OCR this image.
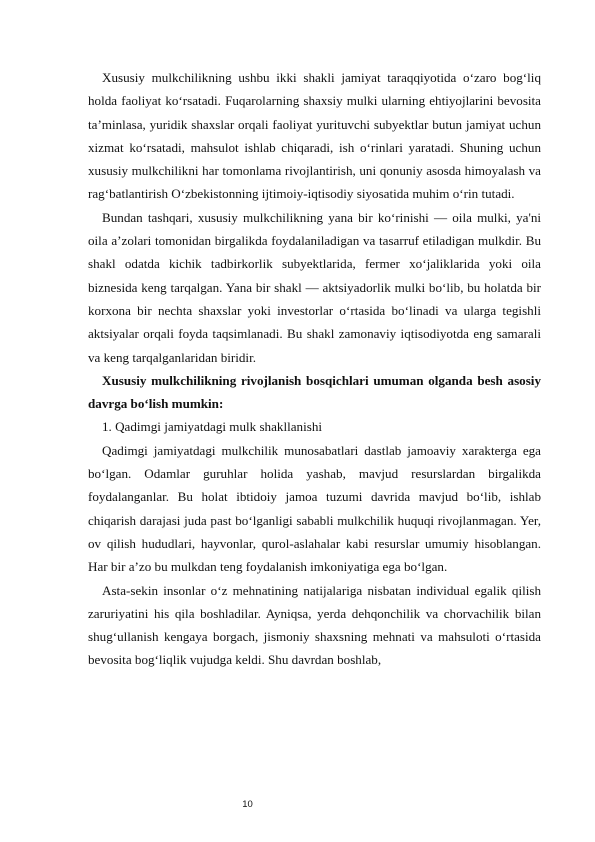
Xususiy mulkchilikning ushbu ikki shakli jamiyat taraqqiyotida o‘zaro bog‘liq holda faoliyat ko‘rsatadi. Fuqarolarning shaxsiy mulki ularning ehtiyojlarini bevosita ta’minlasa, yuridik shaxslar orqali faoliyat yurituvchi subyektlar butun jamiyat uchun xizmat ko‘rsatadi, mahsulot ishlab chiqaradi, ish o‘rinlari yaratadi. Shuning uchun xususiy mulkchilikni har tomonlama rivojlantirish, uni qonuniy asosda himoyalash va rag‘batlantirish O‘zbekistonning ijtimoiy-iqtisodiy siyosatida muhim o‘rin tutadi.

Bundan tashqari, xususiy mulkchilikning yana bir ko‘rinishi — oila mulki, ya'ni oila a’zolari tomonidan birgalikda foydalaniladigan va tasarruf etiladigan mulkdir. Bu shakl odatda kichik tadbirkorlik subyektlarida, fermer xo‘jaliklarida yoki oila biznesida keng tarqalgan. Yana bir shakl — aktsiyadorlik mulki bo‘lib, bu holatda bir korxona bir nechta shaxslar yoki investorlar o‘rtasida bo‘linadi va ularga tegishli aktsiyalar orqali foyda taqsimlanadi. Bu shakl zamonaviy iqtisodiyotda eng samarali va keng tarqalganlaridan biridir.

Xususiy mulkchilikning rivojlanish bosqichlari umuman olganda besh asosiy davrga bo‘lish mumkin:

1. Qadimgi jamiyatdagi mulk shakllanishi

Qadimgi jamiyatdagi mulkchilik munosabatlari dastlab jamoaviy xarakterga ega bo‘lgan. Odamlar guruhlar holida yashab, mavjud resurslardan birgalikda foydalanganlar. Bu holat ibtidoiy jamoa tuzumi davrida mavjud bo‘lib, ishlab chiqarish darajasi juda past bo‘lganligi sababli mulkchilik huquqi rivojlanmagan. Yer, ov qilish hududlari, hayvonlar, qurol-aslahalar kabi resurslar umumiy hisoblangan. Har bir a’zo bu mulkdan teng foydalanish imkoniyatiga ega bo‘lgan.

Asta-sekin insonlar o‘z mehnatining natijalariga nisbatan individual egalik qilish zaruriyatini his qila boshladilar. Ayniqsa, yerda dehqonchilik va chorvachilik bilan shug‘ullanish kengaya borgach, jismoniy shaxsning mehnati va mahsuloti o‘rtasida bevosita bog‘liqlik vujudga keldi. Shu davrdan boshlab,

10
